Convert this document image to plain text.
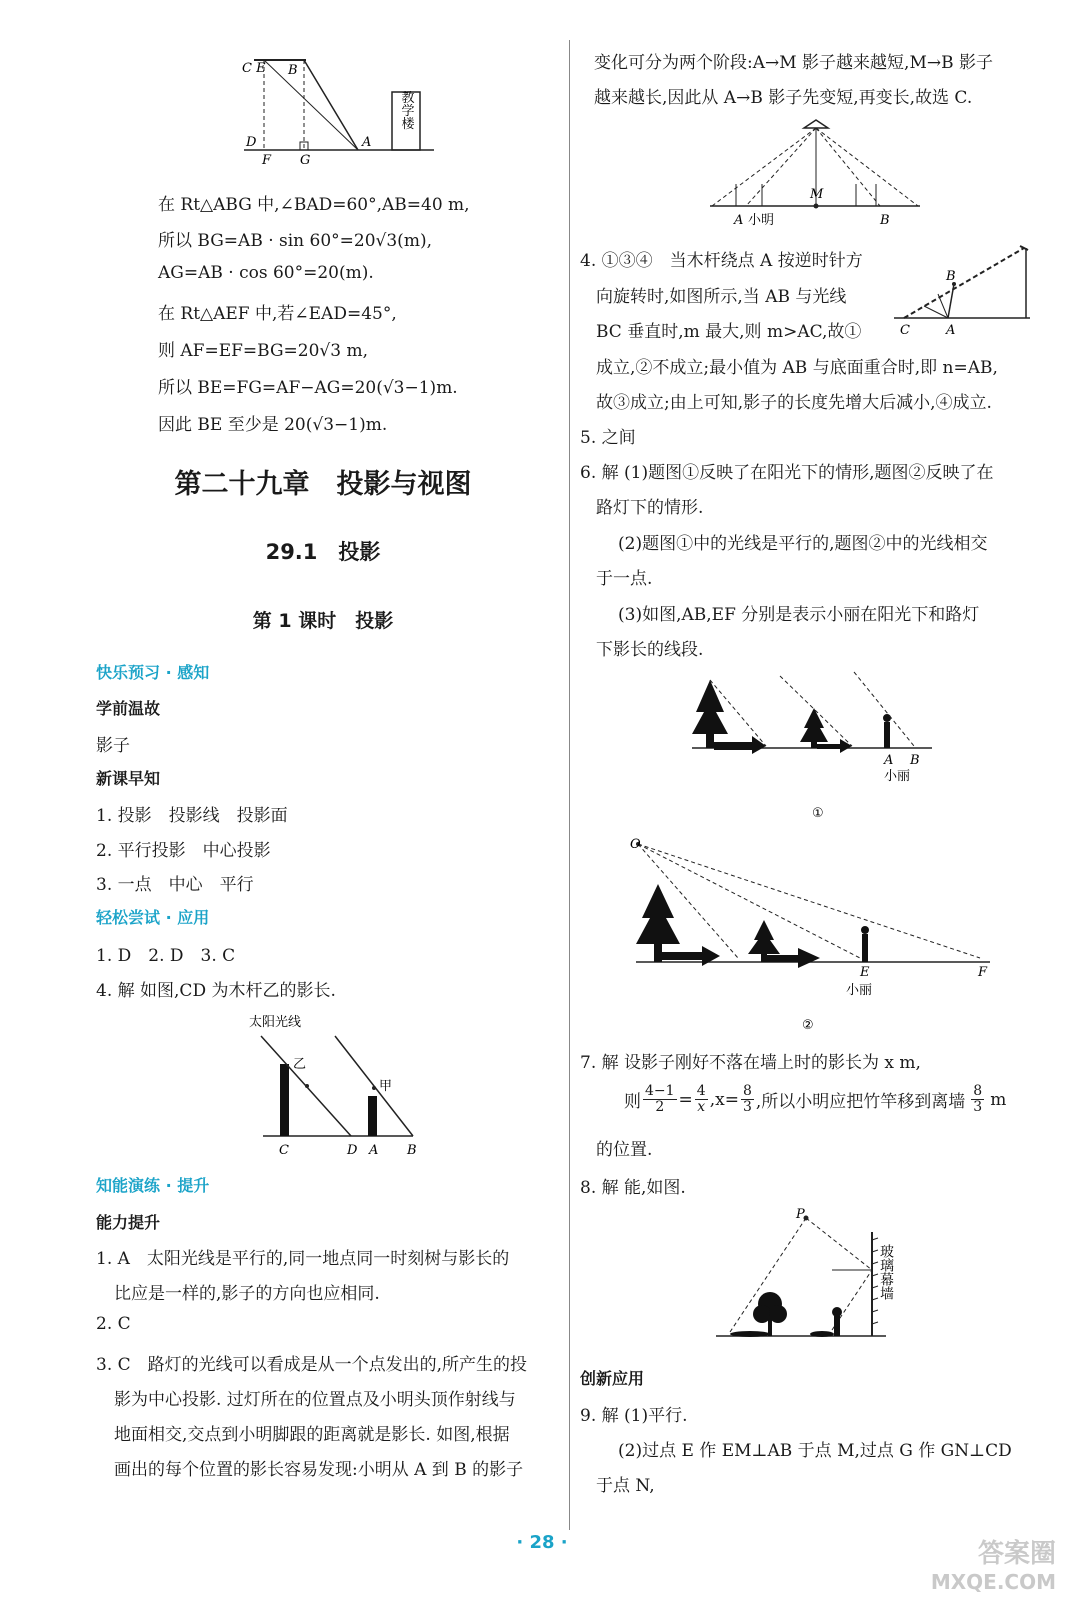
C E B
D
F G
A
教学楼
在 Rt△ABG 中,∠BAD=60°,AB=40 m,
所以 BG=AB · sin 60°=20√3(m),
AG=AB · cos 60°=20(m).
在 Rt△AEF 中,若∠EAD=45°,
则 AF=EF=BG=20√3 m,
所以 BE=FG=AF−AG=20(√3−1)m.
因此 BE 至少是 20(√3−1)m.
第二十九章　投影与视图
29.1　投影
第 1 课时　投影
快乐预习 · 感知
学前温故
影子
新课早知
1. 投影　投影线　投影面
2. 平行投影　中心投影
3. 一点　中心　平行
轻松尝试 · 应用
1. D　2. D　3. C
4. 解 如图,CD 为木杆乙的影长.
太阳光线
乙
甲
C	D A B
知能演练 · 提升
能力提升
1. A　太阳光线是平行的,同一地点同一时刻树与影长的
比应是一样的,影子的方向也应相同.
2. C
3. C　路灯的光线可以看成是从一个点发出的,所产生的投
影为中心投影. 过灯所在的位置点及小明头顶作射线与
地面相交,交点到小明脚跟的距离就是影长. 如图,根据
画出的每个位置的影长容易发现:小明从 A 到 B 的影子
变化可分为两个阶段:A→M 影子越来越短,M→B 影子
越来越长,因此从 A→B 影子先变短,再变长,故选 C.
A 小明
M
B
4. ①③④　当木杆绕点 A 按逆时针方
向旋转时,如图所示,当 AB 与光线
BC 垂直时,m 最大,则 m>AC,故①
成立,②不成立;最小值为 AB 与底面重合时,即 n=AB,
故③成立;由上可知,影子的长度先增大后减小,④成立.
B
C	A
5. 之间
6. 解 (1)题图①反映了在阳光下的情形,题图②反映了在
路灯下的情形.
(2)题图①中的光线是平行的,题图②中的光线相交
于一点.
(3)如图,AB,EF 分别是表示小丽在阳光下和路灯
下影长的线段.
A B
小丽
①
O
E	F
小丽
②
7. 解 设影子刚好不落在墙上时的影长为 x m,
则 $\frac{4-1}{2} = \frac{4}{x} ,x= \frac{8}{3}$ ,所以小明应把竹竿移到离墙 $\frac{8}{3}$ m
的位置.
8. 解 能,如图.
P
玻璃幕墙
创新应用
9. 解 (1)平行.
(2)过点 E 作 EM⊥AB 于点 M,过点 G 作 GN⊥CD
于点 N,
· 28 ·	答案圈
MXQE.COM
